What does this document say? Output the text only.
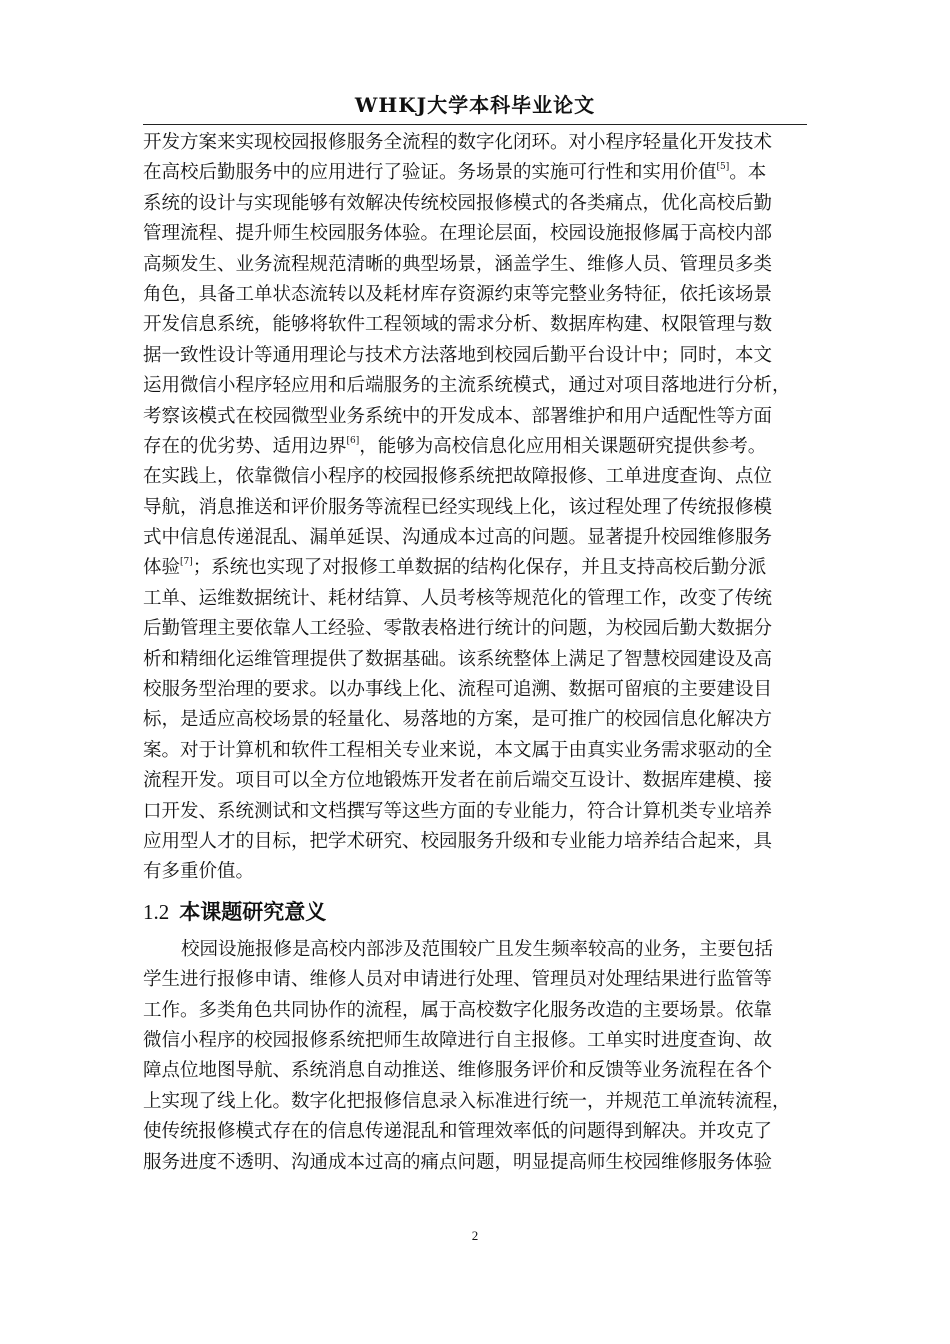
WHKJ大学本科毕业论文

开发方案来实现校园报修服务全流程的数字化闭环。对小程序轻量化开发技术
在高校后勤服务中的应用进行了验证。务场景的实施可行性和实用价值[5]。本
系统的设计与实现能够有效解决传统校园报修模式的各类痛点，优化高校后勤
管理流程、提升师生校园服务体验。在理论层面，校园设施报修属于高校内部
高频发生、业务流程规范清晰的典型场景，涵盖学生、维修人员、管理员多类
角色，具备工单状态流转以及耗材库存资源约束等完整业务特征，依托该场景
开发信息系统，能够将软件工程领域的需求分析、数据库构建、权限管理与数
据一致性设计等通用理论与技术方法落地到校园后勤平台设计中；同时，本文
运用微信小程序轻应用和后端服务的主流系统模式，通过对项目落地进行分析，
考察该模式在校园微型业务系统中的开发成本、部署维护和用户适配性等方面
存在的优劣势、适用边界[6]，能够为高校信息化应用相关课题研究提供参考。

在实践上，依靠微信小程序的校园报修系统把故障报修、工单进度查询、点位
导航，消息推送和评价服务等流程已经实现线上化，该过程处理了传统报修模
式中信息传递混乱、漏单延误、沟通成本过高的问题。显著提升校园维修服务
体验[7]；系统也实现了对报修工单数据的结构化保存，并且支持高校后勤分派
工单、运维数据统计、耗材结算、人员考核等规范化的管理工作，改变了传统
后勤管理主要依靠人工经验、零散表格进行统计的问题，为校园后勤大数据分
析和精细化运维管理提供了数据基础。该系统整体上满足了智慧校园建设及高
校服务型治理的要求。以办事线上化、流程可追溯、数据可留痕的主要建设目
标，是适应高校场景的轻量化、易落地的方案，是可推广的校园信息化解决方
案。对于计算机和软件工程相关专业来说，本文属于由真实业务需求驱动的全
流程开发。项目可以全方位地锻炼开发者在前后端交互设计、数据库建模、接
口开发、系统测试和文档撰写等这些方面的专业能力，符合计算机类专业培养
应用型人才的目标，把学术研究、校园服务升级和专业能力培养结合起来，具
有多重价值。

1.2 本课题研究意义

校园设施报修是高校内部涉及范围较广且发生频率较高的业务，主要包括
学生进行报修申请、维修人员对申请进行处理、管理员对处理结果进行监管等
工作。多类角色共同协作的流程，属于高校数字化服务改造的主要场景。依靠
微信小程序的校园报修系统把师生故障进行自主报修。工单实时进度查询、故
障点位地图导航、系统消息自动推送、维修服务评价和反馈等业务流程在各个
上实现了线上化。数字化把报修信息录入标准进行统一，并规范工单流转流程，
使传统报修模式存在的信息传递混乱和管理效率低的问题得到解决。并攻克了
服务进度不透明、沟通成本过高的痛点问题，明显提高师生校园维修服务体验

2
